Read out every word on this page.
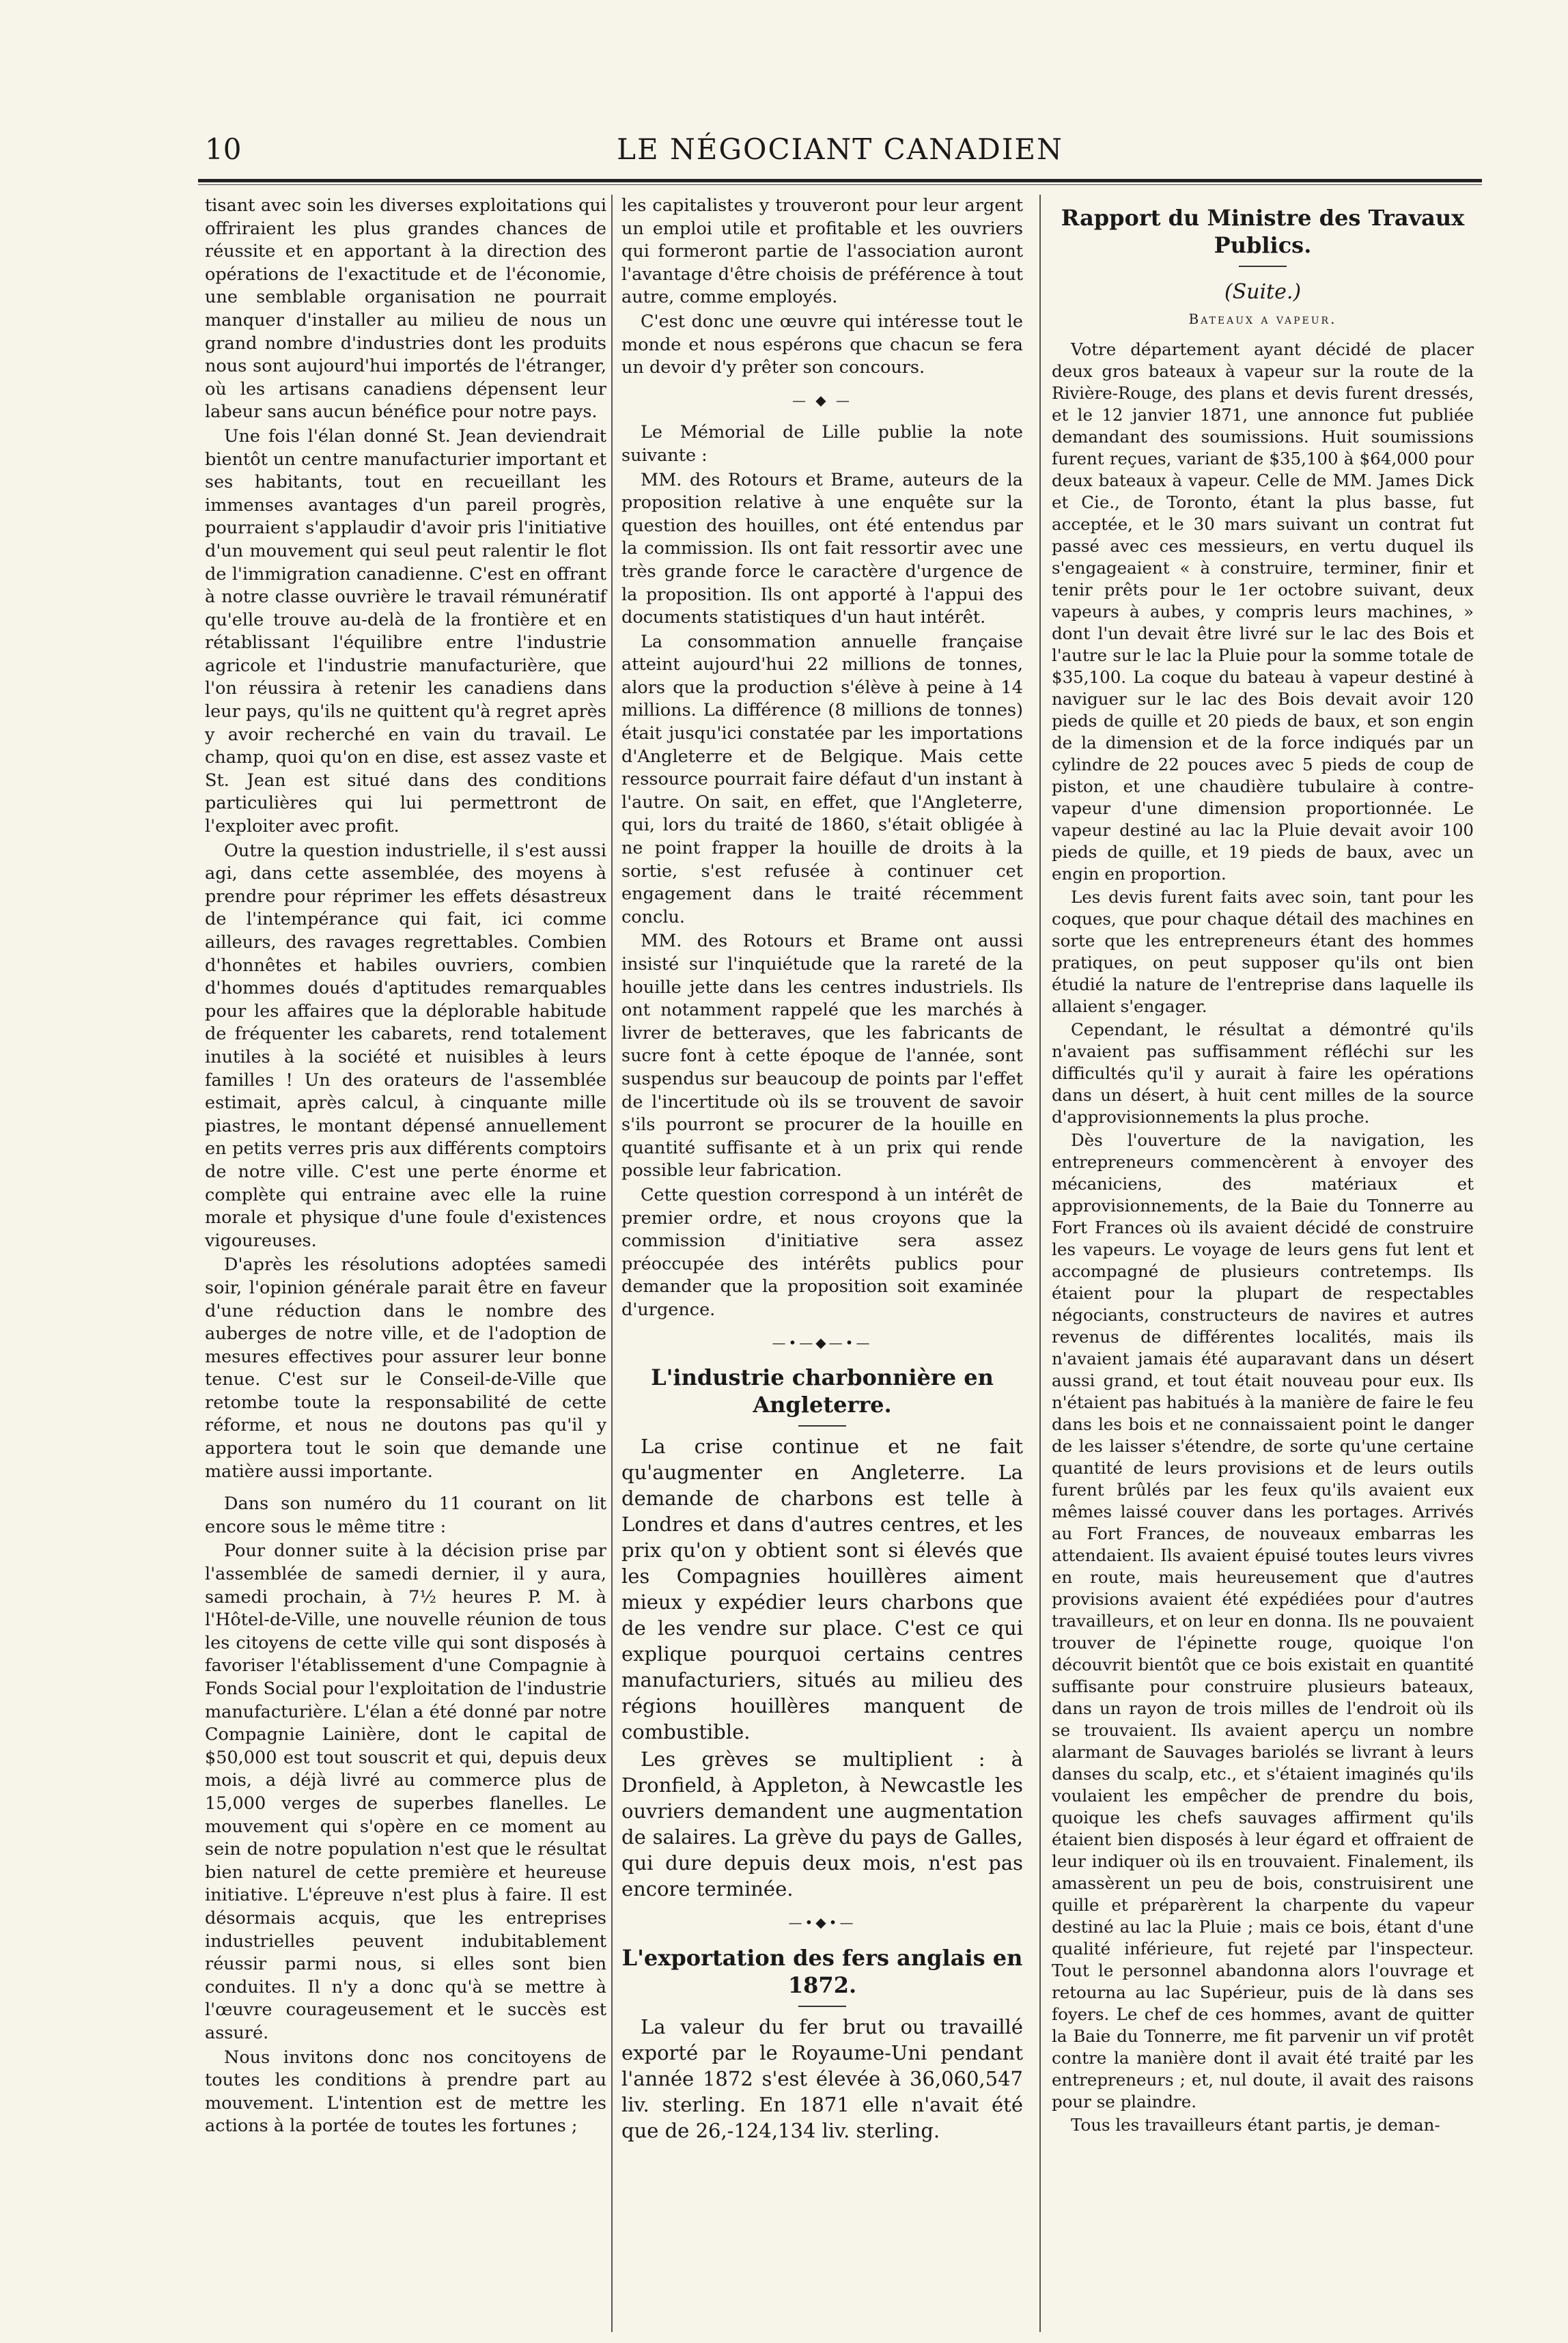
10	LE NÉGOCIANT CANADIEN

tisant avec soin les diverses exploitations qui offriraient les plus grandes chances de réussite et en apportant à la direction des opérations de l'exactitude et de l'économie, une semblable organisation ne pourrait manquer d'installer au milieu de nous un grand nombre d'industries dont les produits nous sont aujourd'hui importés de l'étranger, où les artisans canadiens dépensent leur labeur sans aucun bénéfice pour notre pays.

Une fois l'élan donné St. Jean deviendrait bientôt un centre manufacturier important et ses habitants, tout en recueillant les immenses avantages d'un pareil progrès, pourraient s'applaudir d'avoir pris l'initiative d'un mouvement qui seul peut ralentir le flot de l'immigration canadienne. C'est en offrant à notre classe ouvrière le travail rémunératif qu'elle trouve au-delà de la frontière et en rétablissant l'équilibre entre l'industrie agricole et l'industrie manufacturière, que l'on réussira à retenir les canadiens dans leur pays, qu'ils ne quittent qu'à regret après y avoir recherché en vain du travail. Le champ, quoi qu'on en dise, est assez vaste et St. Jean est situé dans des conditions particulières qui lui permettront de l'exploiter avec profit.

Outre la question industrielle, il s'est aussi agi, dans cette assemblée, des moyens à prendre pour réprimer les effets désastreux de l'intempérance qui fait, ici comme ailleurs, des ravages regrettables. Combien d'honnêtes et habiles ouvriers, combien d'hommes doués d'aptitudes remarquables pour les affaires que la déplorable habitude de fréquenter les cabarets, rend totalement inutiles à la société et nuisibles à leurs familles ! Un des orateurs de l'assemblée estimait, après calcul, à cinquante mille piastres, le montant dépensé annuellement en petits verres pris aux différents comptoirs de notre ville. C'est une perte énorme et complète qui entraine avec elle la ruine morale et physique d'une foule d'existences vigoureuses.

D'après les résolutions adoptées samedi soir, l'opinion générale parait être en faveur d'une réduction dans le nombre des auberges de notre ville, et de l'adoption de mesures effectives pour assurer leur bonne tenue. C'est sur le Conseil-de-Ville que retombe toute la responsabilité de cette réforme, et nous ne doutons pas qu'il y apportera tout le soin que demande une matière aussi importante.

Dans son numéro du 11 courant on lit encore sous le même titre :

Pour donner suite à la décision prise par l'assemblée de samedi dernier, il y aura, samedi prochain, à 7½ heures P. M. à l'Hôtel-de-Ville, une nouvelle réunion de tous les citoyens de cette ville qui sont disposés à favoriser l'établissement d'une Compagnie à Fonds Social pour l'exploitation de l'industrie manufacturière. L'élan a été donné par notre Compagnie Lainière, dont le capital de $50,000 est tout souscrit et qui, depuis deux mois, a déjà livré au commerce plus de 15,000 verges de superbes flanelles. Le mouvement qui s'opère en ce moment au sein de notre population n'est que le résultat bien naturel de cette première et heureuse initiative. L'épreuve n'est plus à faire. Il est désormais acquis, que les entreprises industrielles peuvent indubitablement réussir parmi nous, si elles sont bien conduites. Il n'y a donc qu'à se mettre à l'œuvre courageusement et le succès est assuré.

Nous invitons donc nos concitoyens de toutes les conditions à prendre part au mouvement. L'intention est de mettre les actions à la portée de toutes les fortunes ;

les capitalistes y trouveront pour leur argent un emploi utile et profitable et les ouvriers qui formeront partie de l'association auront l'avantage d'être choisis de préférence à tout autre, comme employés.

C'est donc une œuvre qui intéresse tout le monde et nous espérons que chacun se fera un devoir d'y prêter son concours.

— ◆ —

Le Mémorial de Lille publie la note suivante :

MM. des Rotours et Brame, auteurs de la proposition relative à une enquête sur la question des houilles, ont été entendus par la commission. Ils ont fait ressortir avec une très grande force le caractère d'urgence de la proposition. Ils ont apporté à l'appui des documents statistiques d'un haut intérêt.

La consommation annuelle française atteint aujourd'hui 22 millions de tonnes, alors que la production s'élève à peine à 14 millions. La différence (8 millions de tonnes) était jusqu'ici constatée par les importations d'Angleterre et de Belgique. Mais cette ressource pourrait faire défaut d'un instant à l'autre. On sait, en effet, que l'Angleterre, qui, lors du traité de 1860, s'était obligée à ne point frapper la houille de droits à la sortie, s'est refusée à continuer cet engagement dans le traité récemment conclu.

MM. des Rotours et Brame ont aussi insisté sur l'inquiétude que la rareté de la houille jette dans les centres industriels. Ils ont notamment rappelé que les marchés à livrer de betteraves, que les fabricants de sucre font à cette époque de l'année, sont suspendus sur beaucoup de points par l'effet de l'incertitude où ils se trouvent de savoir s'ils pourront se procurer de la houille en quantité suffisante et à un prix qui rende possible leur fabrication.

Cette question correspond à un intérêt de premier ordre, et nous croyons que la commission d'initiative sera assez préoccupée des intérêts publics pour demander que la proposition soit examinée d'urgence.

—•—◆—•—
L'industrie charbonnière en Angleterre.

La crise continue et ne fait qu'augmenter en Angleterre. La demande de charbons est telle à Londres et dans d'autres centres, et les prix qu'on y obtient sont si élevés que les Compagnies houillères aiment mieux y expédier leurs charbons que de les vendre sur place. C'est ce qui explique pourquoi certains centres manufacturiers, situés au milieu des régions houillères manquent de combustible.

Les grèves se multiplient : à Dronfield, à Appleton, à Newcastle les ouvriers demandent une augmentation de salaires. La grève du pays de Galles, qui dure depuis deux mois, n'est pas encore terminée.

—•◆•—
L'exportation des fers anglais en 1872.

La valeur du fer brut ou travaillé exporté par le Royaume-Uni pendant l'année 1872 s'est élevée à 36,060,547 liv. sterling. En 1871 elle n'avait été que de 26,-124,134 liv. sterling.

Rapport du Ministre des Travaux Publics.
(Suite.)
Bateaux a vapeur.

Votre département ayant décidé de placer deux gros bateaux à vapeur sur la route de la Rivière-Rouge, des plans et devis furent dressés, et le 12 janvier 1871, une annonce fut publiée demandant des soumissions. Huit soumissions furent reçues, variant de $35,100 à $64,000 pour deux bateaux à vapeur. Celle de MM. James Dick et Cie., de Toronto, étant la plus basse, fut acceptée, et le 30 mars suivant un contrat fut passé avec ces messieurs, en vertu duquel ils s'engageaient « à construire, terminer, finir et tenir prêts pour le 1er octobre suivant, deux vapeurs à aubes, y compris leurs machines, » dont l'un devait être livré sur le lac des Bois et l'autre sur le lac la Pluie pour la somme totale de $35,100. La coque du bateau à vapeur destiné à naviguer sur le lac des Bois devait avoir 120 pieds de quille et 20 pieds de baux, et son engin de la dimension et de la force indiqués par un cylindre de 22 pouces avec 5 pieds de coup de piston, et une chaudière tubulaire à contre-vapeur d'une dimension proportionnée. Le vapeur destiné au lac la Pluie devait avoir 100 pieds de quille, et 19 pieds de baux, avec un engin en proportion.

Les devis furent faits avec soin, tant pour les coques, que pour chaque détail des machines en sorte que les entrepreneurs étant des hommes pratiques, on peut supposer qu'ils ont bien étudié la nature de l'entreprise dans laquelle ils allaient s'engager.

Cependant, le résultat a démontré qu'ils n'avaient pas suffisamment réfléchi sur les difficultés qu'il y aurait à faire les opérations dans un désert, à huit cent milles de la source d'approvisionnements la plus proche.

Dès l'ouverture de la navigation, les entrepreneurs commencèrent à envoyer des mécaniciens, des matériaux et approvisionnements, de la Baie du Tonnerre au Fort Frances où ils avaient décidé de construire les vapeurs. Le voyage de leurs gens fut lent et accompagné de plusieurs contretemps. Ils étaient pour la plupart de respectables négociants, constructeurs de navires et autres revenus de différentes localités, mais ils n'avaient jamais été auparavant dans un désert aussi grand, et tout était nouveau pour eux. Ils n'étaient pas habitués à la manière de faire le feu dans les bois et ne connaissaient point le danger de les laisser s'étendre, de sorte qu'une certaine quantité de leurs provisions et de leurs outils furent brûlés par les feux qu'ils avaient eux mêmes laissé couver dans les portages. Arrivés au Fort Frances, de nouveaux embarras les attendaient. Ils avaient épuisé toutes leurs vivres en route, mais heureusement que d'autres provisions avaient été expédiées pour d'autres travailleurs, et on leur en donna. Ils ne pouvaient trouver de l'épinette rouge, quoique l'on découvrit bientôt que ce bois existait en quantité suffisante pour construire plusieurs bateaux, dans un rayon de trois milles de l'endroit où ils se trouvaient. Ils avaient aperçu un nombre alarmant de Sauvages bariolés se livrant à leurs danses du scalp, etc., et s'étaient imaginés qu'ils voulaient les empêcher de prendre du bois, quoique les chefs sauvages affirment qu'ils étaient bien disposés à leur égard et offraient de leur indiquer où ils en trouvaient. Finalement, ils amassèrent un peu de bois, construisirent une quille et préparèrent la charpente du vapeur destiné au lac la Pluie ; mais ce bois, étant d'une qualité inférieure, fut rejeté par l'inspecteur. Tout le personnel abandonna alors l'ouvrage et retourna au lac Supérieur, puis de là dans ses foyers. Le chef de ces hommes, avant de quitter la Baie du Tonnerre, me fit parvenir un vif protêt contre la manière dont il avait été traité par les entrepreneurs ; et, nul doute, il avait des raisons pour se plaindre.

Tous les travailleurs étant partis, je deman-
